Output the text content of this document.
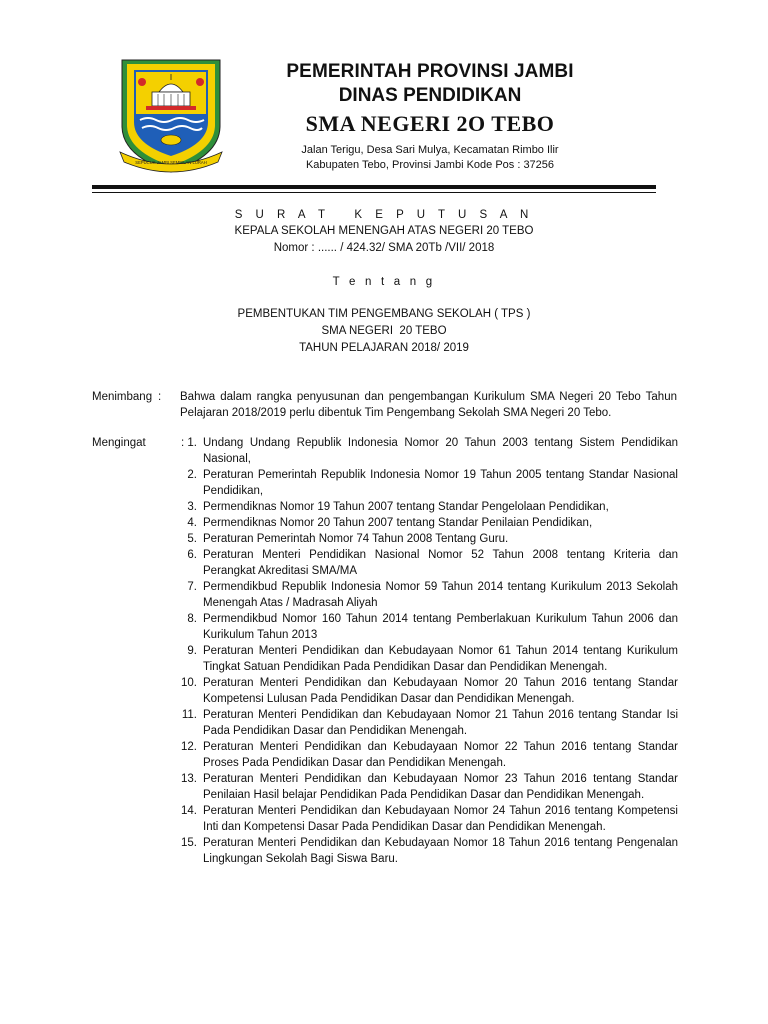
SEPUCUK JAMBI SEMBILAN LURAH
PEMERINTAH PROVINSI JAMBI
DINAS PENDIDIKAN
SMA NEGERI 2O TEBO
Jalan Terigu, Desa Sari Mulya, Kecamatan Rimbo Ilir
Kabupaten Tebo, Provinsi Jambi Kode Pos : 37256
S U R A T   K E P U T U S A N
KEPALA SEKOLAH MENENGAH ATAS NEGERI 20 TEBO
Nomor : ...... / 424.32/ SMA 20Tb /VII/ 2018
T e n t a n g
PEMBENTUKAN TIM PENGEMBANG SEKOLAH ( TPS )
SMA NEGERI  20 TEBO
TAHUN PELAJARAN 2018/ 2019
Menimbang : Bahwa dalam rangka penyusunan dan pengembangan Kurikulum SMA Negeri 20 Tebo Tahun Pelajaran 2018/2019 perlu dibentuk Tim Pengembang Sekolah SMA Negeri 20 Tebo.
Mengingat	: 1. Undang Undang Republik Indonesia Nomor 20 Tahun 2003 tentang Sistem Pendidikan Nasional,
2. Peraturan Pemerintah Republik Indonesia Nomor 19 Tahun 2005 tentang Standar Nasional Pendidikan,
3. Permendiknas Nomor 19 Tahun 2007 tentang Standar Pengelolaan Pendidikan,
4. Permendiknas Nomor 20 Tahun 2007 tentang Standar Penilaian Pendidikan,
5. Peraturan Pemerintah Nomor 74 Tahun 2008 Tentang Guru.
6. Peraturan Menteri Pendidikan Nasional Nomor 52 Tahun 2008 tentang Kriteria dan Perangkat Akreditasi SMA/MA
7. Permendikbud Republik Indonesia Nomor 59 Tahun 2014 tentang Kurikulum 2013 Sekolah Menengah Atas / Madrasah Aliyah
8. Permendikbud Nomor 160 Tahun 2014 tentang Pemberlakuan Kurikulum Tahun 2006 dan Kurikulum Tahun 2013
9. Peraturan Menteri Pendidikan dan Kebudayaan Nomor 61 Tahun 2014 tentang Kurikulum Tingkat Satuan Pendidikan Pada Pendidikan Dasar dan Pendidikan Menengah.
10. Peraturan Menteri Pendidikan dan Kebudayaan Nomor 20 Tahun 2016 tentang Standar Kompetensi Lulusan Pada Pendidikan Dasar dan Pendidikan Menengah.
11. Peraturan Menteri Pendidikan dan Kebudayaan Nomor 21 Tahun 2016 tentang Standar Isi Pada Pendidikan Dasar dan Pendidikan Menengah.
12. Peraturan Menteri Pendidikan dan Kebudayaan Nomor 22 Tahun 2016 tentang Standar Proses Pada Pendidikan Dasar dan Pendidikan Menengah.
13. Peraturan Menteri Pendidikan dan Kebudayaan Nomor 23 Tahun 2016 tentang Standar Penilaian Hasil belajar Pendidikan Pada Pendidikan Dasar dan Pendidikan Menengah.
14. Peraturan Menteri Pendidikan dan Kebudayaan Nomor 24 Tahun 2016 tentang Kompetensi Inti dan Kompetensi Dasar Pada Pendidikan Dasar dan Pendidikan Menengah.
15. Peraturan Menteri Pendidikan dan Kebudayaan Nomor 18 Tahun 2016 tentang Pengenalan Lingkungan Sekolah Bagi Siswa Baru.
